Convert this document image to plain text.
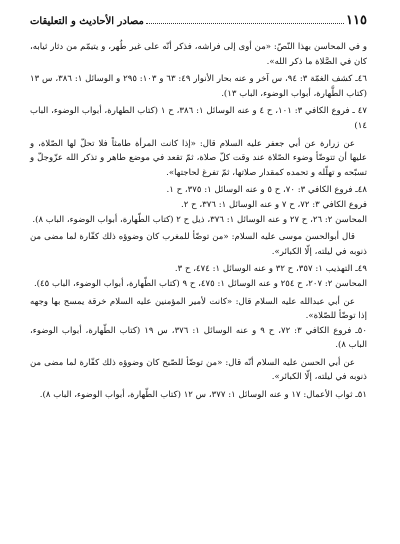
مصادر الأحاديث و التعليقات	١١٥

و في المحاسن بهذا النّصّ: «من أوى إلى فراشه، فذكر أنّه على غير طُهر، و يتيمّم من دثار ثيابه، كان في الصَّلاة ما ذكر الله».

٤٦ـ كشف الغمّة ٣: ٩٤، س آخر و عنه بحار الأنوار ٤٩: ٦٣ و ١٠٣: ٢٩٥ و الوسائل ١: ٣٨٦، س ١٣ (كتاب الطَّهارة، أبواب الوضوء، الباب ١٣).

٤٧ ـ فروع الكافي ٣: ١٠١، ح ٤ و عنه الوسائل ١: ٣٨٦، ح ١ (كتاب الطهارة، أبواب الوضوء، الباب ١٤)

عن زرارة عن أبي جعفر عليه السلام قال: «إذا كانت المرأة طامثاً فلا تحلّ لها الصّلاة، و عليها أن تتوضّأ وضوء الصّلاة عند وقت كلّ صلاة، ثمّ تقعد في موضع طاهر و تذكر الله عزّوجلّ و تسبّحه و تهلّله و تحمده كمقدار صلاتها، ثمّ تفرغ لحاجتها».

٤٨ـ فروع الكافي ٣: ٧٠، ح ٥ و عنه الوسائل ١: ٣٧٥، ح ١.

فروع الكافي ٣: ٧٢، ح ٧ و عنه الوسائل ١: ٣٧٦، ح ٢.

المحاسن ٢: ٢٦، ح ٢٧ و عنه الوسائل ١: ٣٧٦، ذيل ح ٢ (كتاب الطّهارة، أبواب الوضوء، الباب ٨).

قال أبوالحسن موسى عليه السلام: «من توضّأ للمغرب كان وضوؤه ذلك كفّارة لما مضى من ذنوبه في ليلته، إلّا الكبائر».

٤٩ـ التهذيب ١: ٣٥٧، ح ٣٢ و عنه الوسائل ١: ٤٧٤، ح ٣.

المحاسن ٢: ٢٠٧، ح ٢٥٤ و عنه الوسائل ١: ٤٧٥، ح ٩ (كتاب الطّهارة، أبواب الوضوء، الباب ٤٥).

عن أبي عبدالله عليه السلام قال: «كانت لأمير المؤمنين عليه السلام خرقة يمسح بها وجهه إذا توضّأ للصّلاة».

٥٠ـ فروع الكافي ٣: ٧٢، ح ٩ و عنه الوسائل ١: ٣٧٦، س ١٩ (كتاب الطّهارة، أبواب الوضوء، الباب ٨).

عن أبي الحسن عليه السلام أنّه قال: «من توضّأ للصّبح كان وضوؤه ذلك كفّارة لما مضى من ذنوبه في ليلته، إلّا الكبائر».

٥١ـ ثواب الأعمال: ١٧ و عنه الوسائل ١: ٣٧٧، س ١٢ (كتاب الطّهارة، أبواب الوضوء، الباب ٨).
